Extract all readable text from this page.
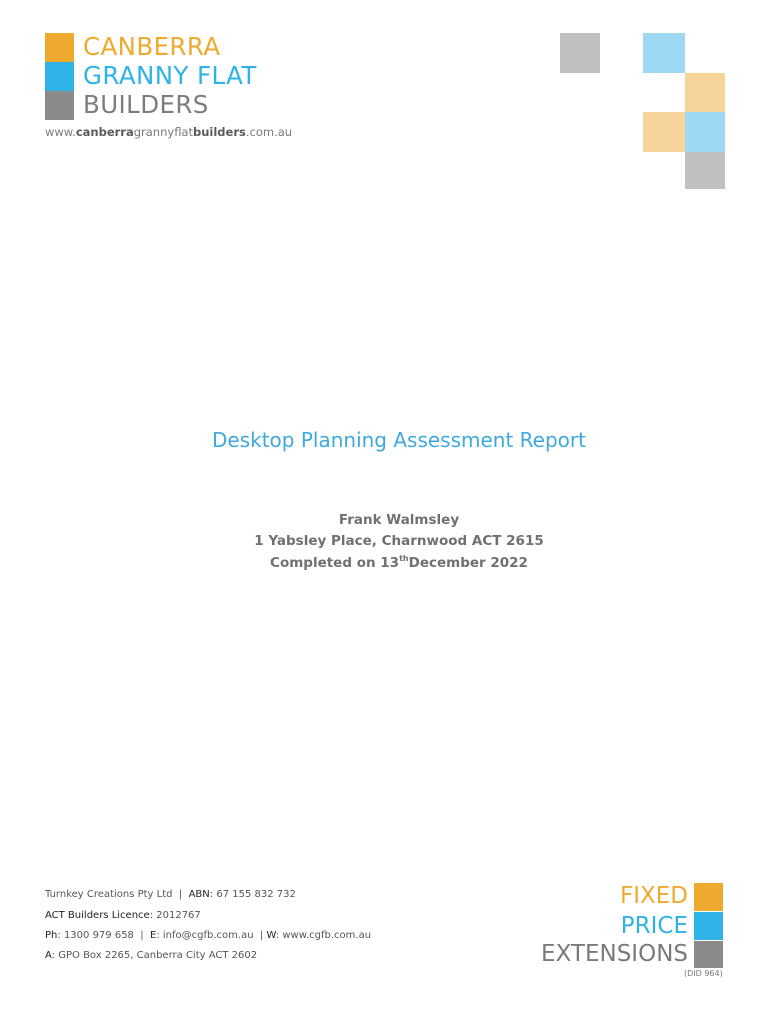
CANBERRA
GRANNY FLAT
BUILDERS
www.canberragrannyflatbuilders.com.au
Desktop Planning Assessment Report
Frank Walmsley
1 Yabsley Place, Charnwood ACT 2615
Completed on 13thDecember 2022
Turnkey Creations Pty Ltd  |  ABN: 67 155 832 732
ACT Builders Licence: 2012767
Ph: 1300 979 658  |  E: info@cgfb.com.au  | W: www.cgfb.com.au
A: GPO Box 2265, Canberra City ACT 2602
FIXED
PRICE
EXTENSIONS
(DID 964)
